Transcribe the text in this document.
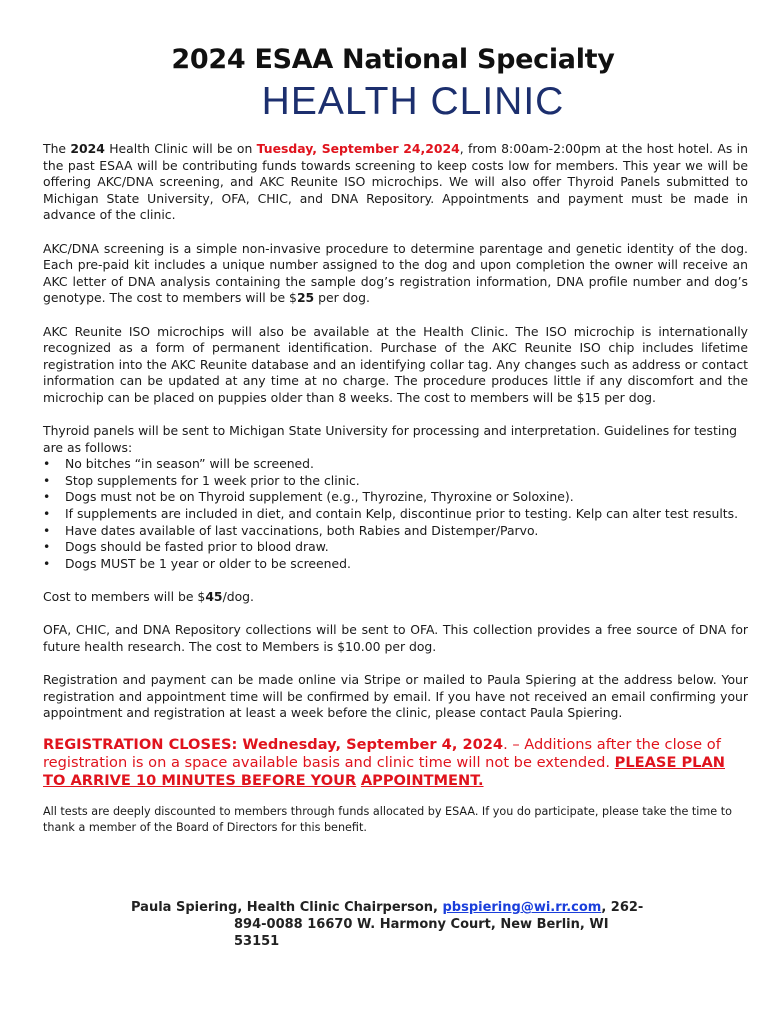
2024 ESAA National Specialty
HEALTH CLINIC

The 2024 Health Clinic will be on Tuesday, September 24,2024, from 8:00am-2:00pm at the host hotel. As in the past ESAA will be contributing funds towards screening to keep costs low for members. This year we will be offering AKC/DNA screening, and AKC Reunite ISO microchips. We will also offer Thyroid Panels submitted to Michigan State University, OFA, CHIC, and DNA Repository. Appointments and payment must be made in advance of the clinic.

AKC/DNA screening is a simple non-invasive procedure to determine parentage and genetic identity of the dog. Each pre-paid kit includes a unique number assigned to the dog and upon completion the owner will receive an AKC letter of DNA analysis containing the sample dog’s registration information, DNA profile number and dog’s genotype. The cost to members will be $25 per dog.

AKC Reunite ISO microchips will also be available at the Health Clinic. The ISO microchip is internationally recognized as a form of permanent identification. Purchase of the AKC Reunite ISO chip includes lifetime registration into the AKC Reunite database and an identifying collar tag. Any changes such as address or contact information can be updated at any time at no charge. The procedure produces little if any discomfort and the microchip can be placed on puppies older than 8 weeks. The cost to members will be $15 per dog.

Thyroid panels will be sent to Michigan State University for processing and interpretation. Guidelines for testing are as follows:

• No bitches “in season” will be screened.
• Stop supplements for 1 week prior to the clinic.
• Dogs must not be on Thyroid supplement (e.g., Thyrozine, Thyroxine or Soloxine).
• If supplements are included in diet, and contain Kelp, discontinue prior to testing. Kelp can alter test results.
• Have dates available of last vaccinations, both Rabies and Distemper/Parvo.
• Dogs should be fasted prior to blood draw.
• Dogs MUST be 1 year or older to be screened.

Cost to members will be $45/dog.

OFA, CHIC, and DNA Repository collections will be sent to OFA. This collection provides a free source of DNA for future health research. The cost to Members is $10.00 per dog.

Registration and payment can be made online via Stripe or mailed to Paula Spiering at the address below. Your registration and appointment time will be confirmed by email. If you have not received an email confirming your appointment and registration at least a week before the clinic, please contact Paula Spiering.

REGISTRATION CLOSES: Wednesday, September 4, 2024. – Additions after the close of registration is on a space available basis and clinic time will not be extended. PLEASE PLAN TO ARRIVE 10 MINUTES BEFORE YOUR APPOINTMENT.

All tests are deeply discounted to members through funds allocated by ESAA. If you do participate, please take the time to thank a member of the Board of Directors for this benefit.

Paula Spiering, Health Clinic Chairperson, pbspiering@wi.rr.com, 262-
894-0088 16670 W. Harmony Court, New Berlin, WI
53151
